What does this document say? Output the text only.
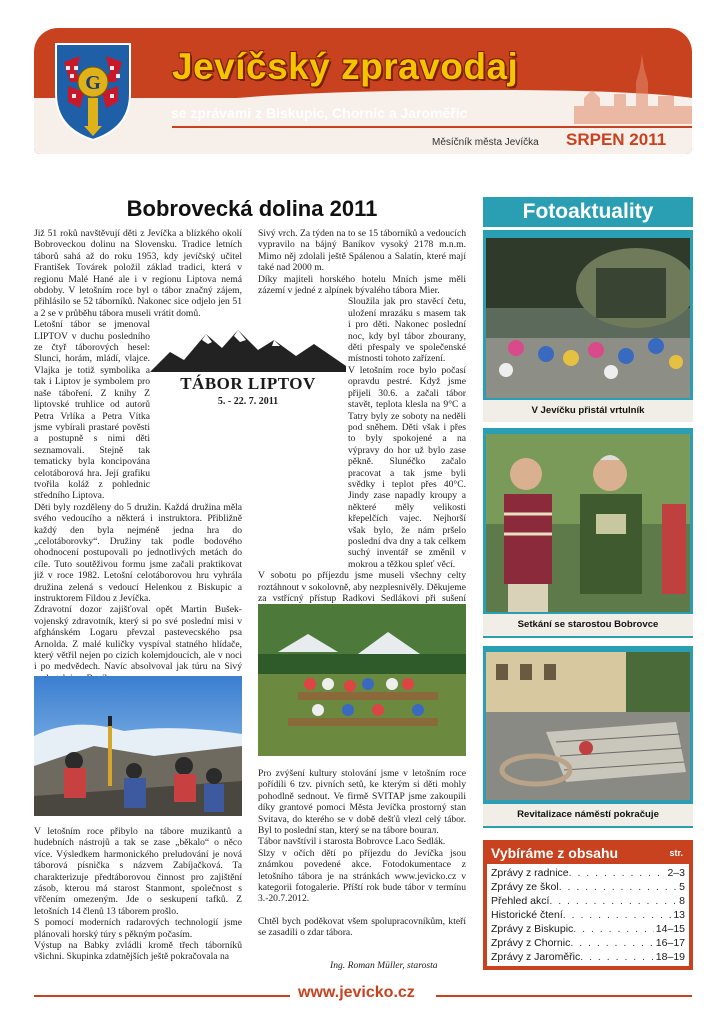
Jevíčský zpravodaj
se zprávami z Biskupic, Chornic a Jaroměřic
Měsíčník města Jevíčka SRPEN 2011
G
Bobrovecká dolina 2011

Již 51 roků navštěvují děti z Jevíčka a blízkého okolí Bobroveckou dolinu na Slovensku. Tradice letních táborů sahá až do roku 1953, kdy jevíčský učitel František Továrek položil základ tradici, která v regionu Malé Hané ale i v regionu Liptova nemá obdoby. V letošním roce byl o tábor značný zájem, přihlásilo se 52 táborníků. Nakonec sice odjelo jen 51 a 2 se v průběhu tábora museli vrátit domů.

Letošní tábor se jmenoval LIPTOV v duchu posledního ze čtyř táborových hesel: Slunci, horám, mládí, vlajce. Vlajka je totiž symbolika a tak i Liptov je symbolem pro naše táboření. Z knihy Z liptovské truhlice od autorů Petra Vrlíka a Petra Vítka jsme vybírali prastaré pověsti a postupně s nimi děti seznamovali. Stejně tak tematicky byla koncipována celotáborová hra. Její grafiku tvořila koláž z pohlednic středního Liptova.

Děti byly rozděleny do 5 družin. Každá družina měla svého vedoucího a některá i instruktora. Přibližně každý den byla nejméně jedna hra do „celotáborovky“. Družiny tak podle bodového ohodnocení postupovali po jednotlivých metách do cíle. Tuto soutěživou formu jsme začali praktikovat již v roce 1982. Letošní celotáborovou hru vyhrála družina zelená s vedoucí Helenkou z Biskupic a instruktorem Fildou z Jevíčka.

Zdravotní dozor zajišťoval opět Martin Bušek-vojenský zdravotník, který si po své poslední misi v afghánském Logaru převzal pastevecského psa Arnolda. Z malé kuličky vyspíval statného hlídače, který větřil nejen po cizích kolemjdoucích, ale v noci i po medvědech. Navíc absolvoval jak túru na Sivý

Sivý vrch. Za týden na to se 15 táborníků a vedoucích vypravilo na bájný Baníkov vysoký 2178 m.n.m. Mimo něj zdolali ještě Spálenou a Salatín, které mají také nad 2000 m.

Díky majiteli horského hotelu Mních jsme měli zázemí v jedné z alpínek bývalého tábora Mier.

Sloužila jak pro stavěcí četu, uložení mrazáku s masem tak i pro děti. Nakonec poslední noc, kdy byl tábor zbourany, děti přespaly ve společenské místnosti tohoto zařízení.

V letošním roce bylo počasí opravdu pestré. Když jsme přijeli 30.6. a začali tábor stavět, teplota klesla na 9°C a Tatry byly ze soboty na neděli pod sněhem. Děti však i přes to byly spokojené a na výpravy do hor už bylo zase pěkně. Slunéčko začalo pracovat a tak jsme byli svědky i teplot přes 40°C. Jindy zase napadly kroupy a některé měly velikosti křepelčích vajec. Nejhorší však bylo, že nám pršelo poslední dva dny a tak celkem suchý inventář se změnil v mokrou a těžkou spleť věcí.

V sobotu po příjezdu jsme museli všechny celty roztáhnout v sokolovně, aby nezplesnivěly. Děkujeme za vstřícný přístup Radkovi Sedlákovi při sušení

TÁBOR LIPTOV
5. - 22. 7. 2011

V letošním roce přibylo na tábore muzikantů a hudebních nástrojů a tak se zase „běkalo“ o něco více. Výsledkem harmonického preludování je nová táborová písnička s názvem Zabíjačková. Ta charakterizuje předtáborovou činnost pro zajištění zásob, kterou má starost Stanmont, společnost s vřčením omezeným. Jde o seskupení tafků. Z letošních 14 členů 13 táborem prošlo.

S pomocí moderních radarových technologií jsme plánovali horský túry s pěkným počasím.

Výstup na Babky zvládli kromě třech táborníků všichni. Skupinka zdatnějších ještě pokračovala na

Pro zvýšení kultury stolování jsme v letošním roce pořídili 6 tzv. pivních setů, ke kterým si děti mohly pohodlně sednout. Ve firmě SVITAP jsme zakoupili díky grantové pomoci Města Jevíčka prostorný stan Svitava, do kterého se v době dešťů vlezl celý tábor. Byl to poslední stan, který se na tábore bourал.

Tábor navštívil i starosta Bobrovce Laco Sedlák.

Slzy v očích dětí po příjezdu do Jevíčka jsou známkou povedené akce. Fotodokumentace z letošního tábora je na stránkách www.jevicko.cz v kategorii fotogalerie. Příští rok bude tábor v termínu 3.-20.7.2012.

Chtěl bych poděkovat všem spolupracovníkům, kteří se zasadili o zdar tábora.

Ing. Roman Müller, starosta
Fotoaktuality
V Jevíčku přistál vrtulník
Setkání se starostou Bobrovce
Revitalizace náměstí pokračuje
Vybíráme z obsahu	str.
Zprávy z radnice . . .	2–3
Zprávy ze škol . . .	5
Přehled akcí . . .	8
Historické čtení . . .	13
Zprávy z Biskupic . . .	14–15
Zprávy z Chornic . . .	16–17
Zprávy z Jaroměřic . . .	18–19
www.jevicko.cz
